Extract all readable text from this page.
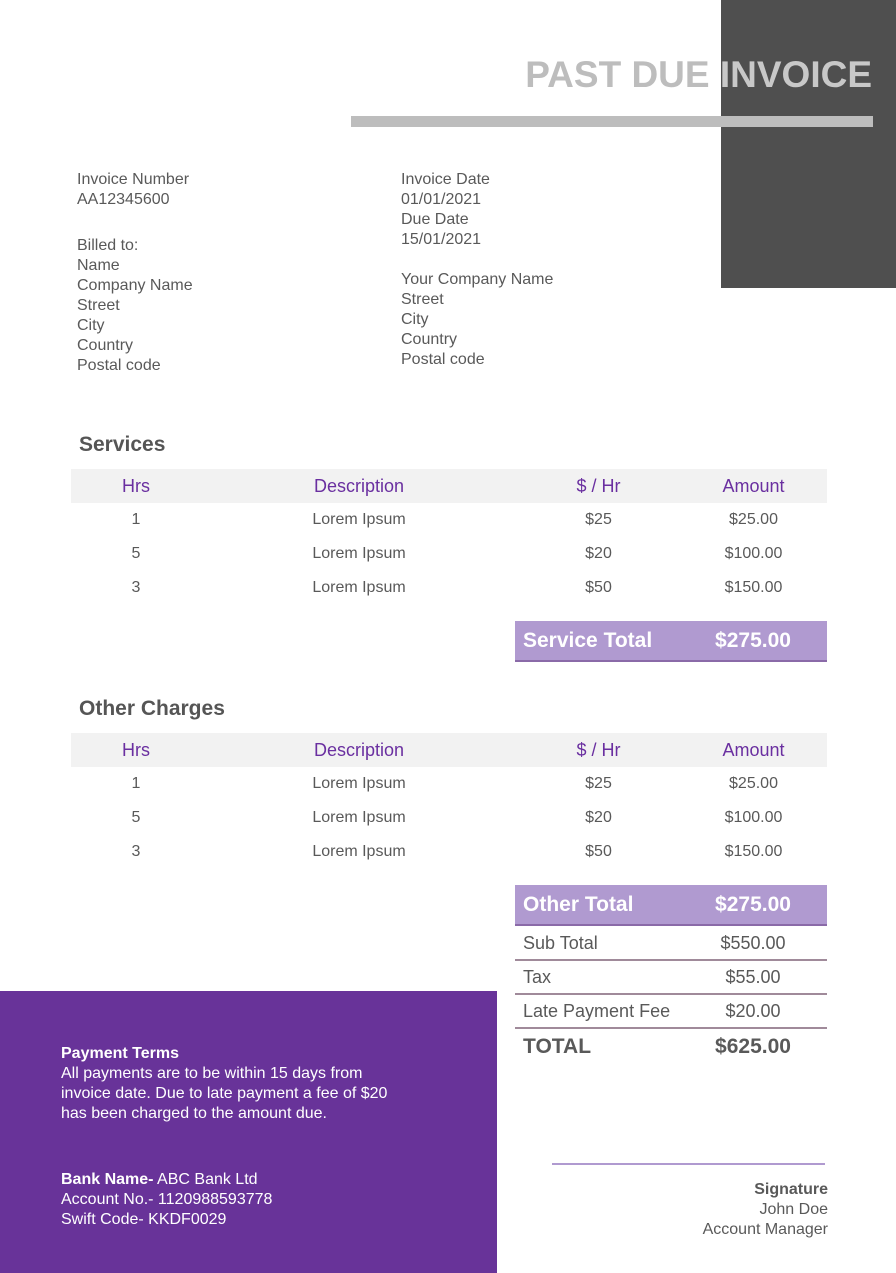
PAST DUE INVOICE
Invoice Number
AA12345600
Billed to:
Name
Company Name
Street
City
Country
Postal code
Invoice Date
01/01/2021
Due Date
15/01/2021
Your Company Name
Street
City
Country
Postal code
Services
Hrs	Description	$ / Hr	Amount
1	Lorem Ipsum	$25	$25.00
5	Lorem Ipsum	$20	$100.00
3	Lorem Ipsum	$50	$150.00
Service Total	$275.00
Other Charges
Hrs	Description	$ / Hr	Amount
1	Lorem Ipsum	$25	$25.00
5	Lorem Ipsum	$20	$100.00
3	Lorem Ipsum	$50	$150.00
Other Total	$275.00
Sub Total	$550.00
Tax	$55.00
Late Payment Fee	$20.00
TOTAL	$625.00
Payment Terms
All payments are to be within 15 days from
invoice date. Due to late payment a fee of $20
has been charged to the amount due.
Bank Name- ABC Bank Ltd
Account No.- 1120988593778
Swift Code- KKDF0029
Signature
John Doe
Account Manager
